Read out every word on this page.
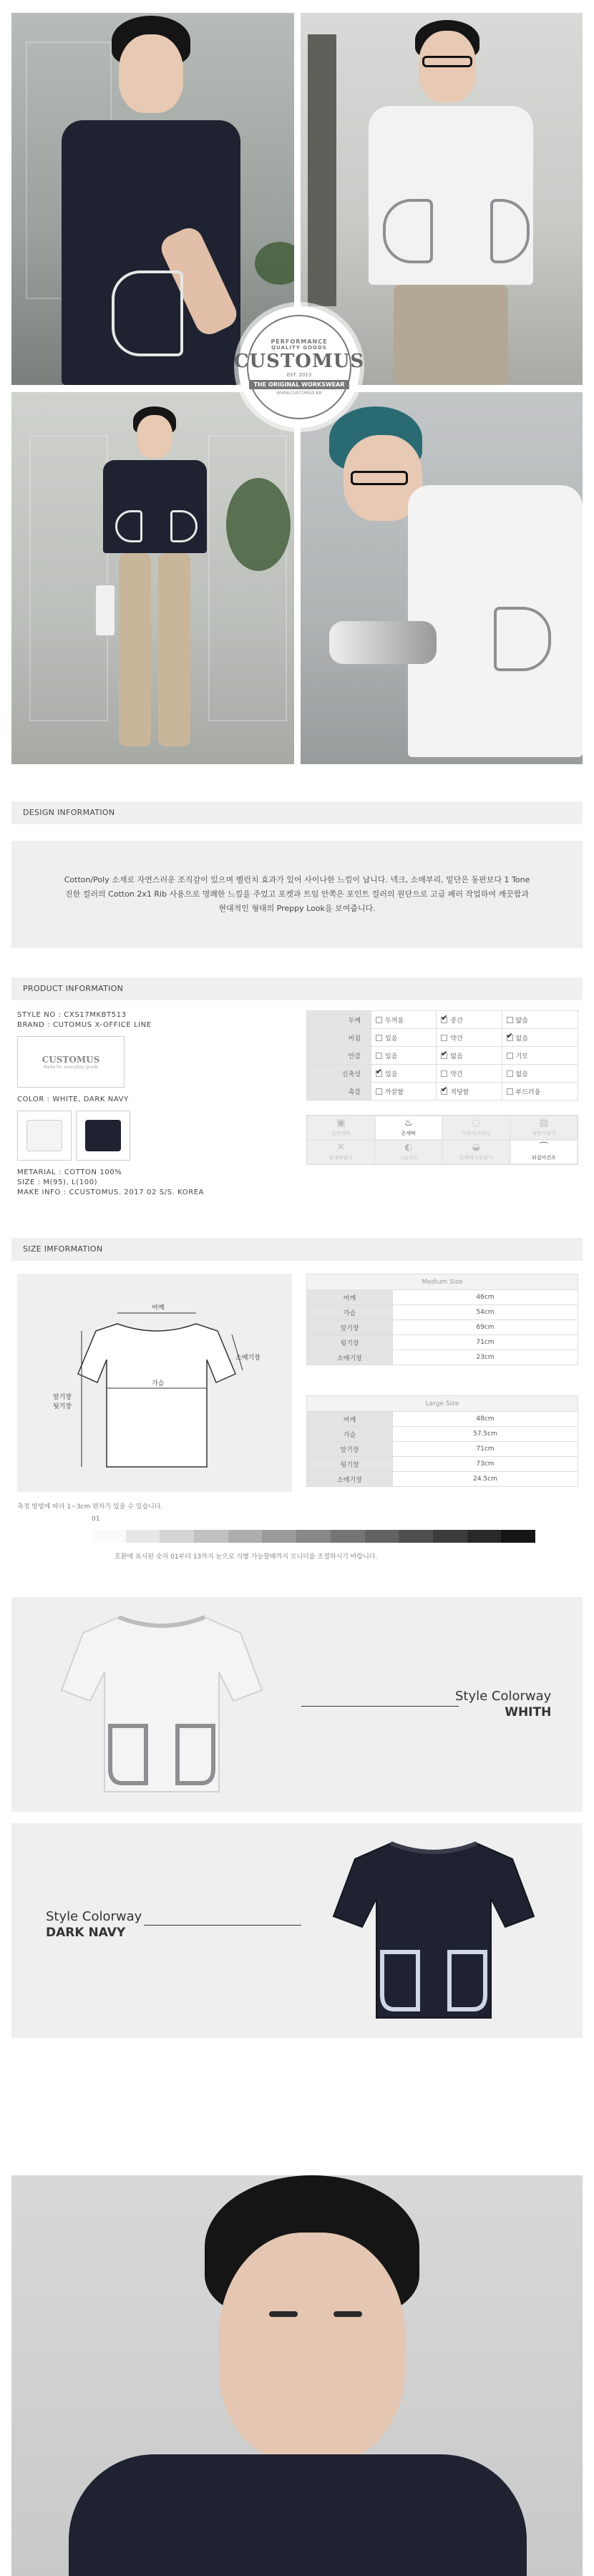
PERFORMANCE
QUALITY GOODS
CUSTOMUS
EST. 2013
THE ORIGINAL WORKSWEAR
WWW.CUSTOMUS.KR
DESIGN INFORMATION

Cotton/Poly 소재로 자연스러운 조직감이 있으며 벨런치 효과가 있어 사이나한 느낌이 납니다. 넥크, 소매부리, 밑단은 동판보다 1 Tone

진한 컬러의 Cotton 2x1 Rib 사용으로 명쾌한 느낌을 주었고 포켓과 트임 안쪽은 포인트 컬러의 원단으로 고급 페러 작업하여 깨끗함과

현대적인 형태의 Preppy Look을 보여줍니다.

PRODUCT INFORMATION
STYLE NO : CXS17MKBT513
BRAND : CUTOMUS X-OFFICE LINE
CUSTOMUS
Made for everyday goods
COLOR : WHITE, DARK NAVY
METARIAL : COTTON 100%
SIZE : M(95), L(100)
MAKE INFO : CCUSTOMUS. 2017 02 S/S. KOREA
두께	두꺼움	✔중간	얇음
비침	있음	약간	✔없음
안감	있음	✔없음	기모
신축성	✔있음	약간	없음
촉감	까끌함	✔적당함	부드러움
▣
일반세탁
♨
손세탁
◌
드라이크리닝
▨
세탁기불가
✕
물세탁불가
◐
그늘건조
◒
표백제사용불가
⌒
뒤집어건조
SIZE IMFORMATION
어깨
가슴
소매기장
앞기장
뒷기장
Medium Size	
어깨	46cm
가슴	54cm
앞기장	69cm
뒷기장	71cm
소매기장	23cm
Large Size	
어깨	48cm
가슴	57.5cm
앞기장	71cm
뒷기장	73cm
소매기장	24.5cm
측정 방법에 따라 1~3cm 편차가 있을 수 있습니다.
01
호환에 표시된 숫자 01부터 13까지 눈으로 식별 가능할때까지 모니터를 조절하시기 바랍니다.
Style Colorway
WHITH
Style Colorway
DARK NAVY
